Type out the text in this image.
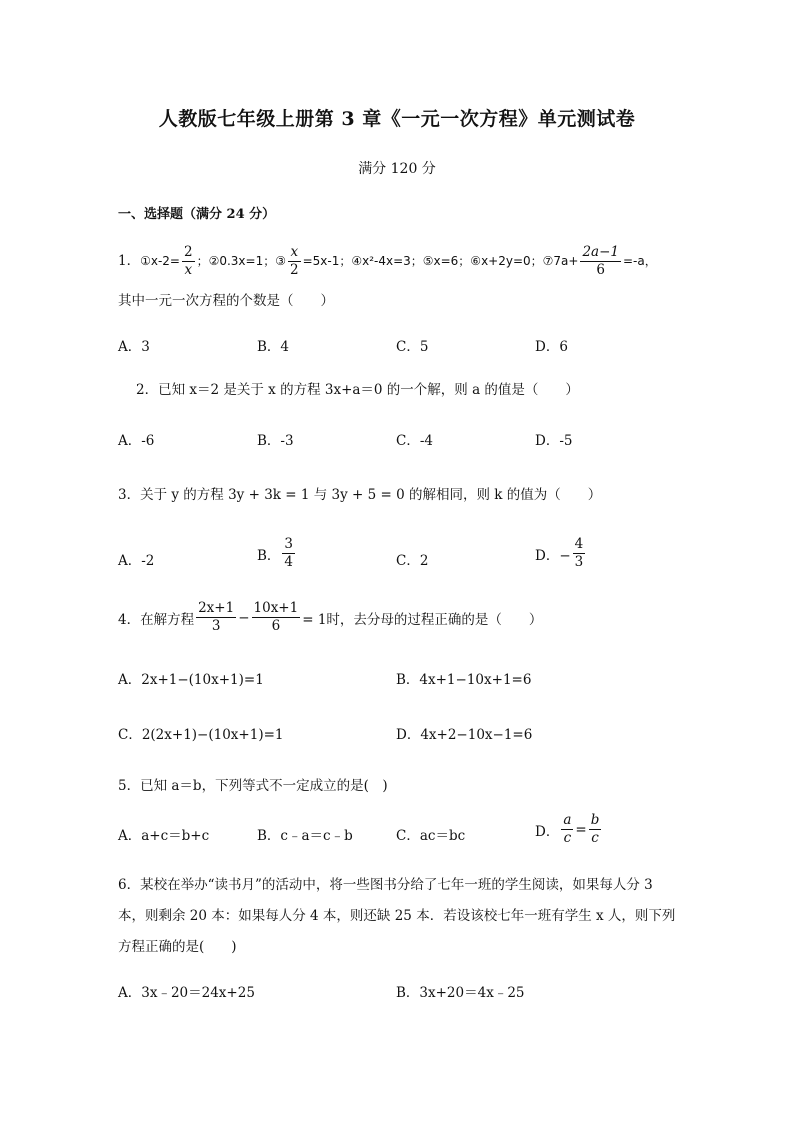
人教版七年级上册第 3 章《一元一次方程》单元测试卷
满分 120 分
一、选择题（满分 24 分）
1．①x-2= $\frac{2}{x}$ ；②0.3x=1；③ $\frac{x}{2} =5x-1$；④x²-4x=3；⑤x=6；⑥x+2y=0；⑦7a+ $\frac{2a-1}{6} =-a$，
其中一元一次方程的个数是（　　）
A．3	B．4	C．5	D．6
2．已知 x＝2 是关于 x 的方程 3x+a＝0 的一个解，则 a 的值是（　　）
A．-6	B．-3	C．-4	D．-5
3．关于 y 的方程 3y + 3k = 1 与 3y + 5 = 0 的解相同，则 k 的值为（　　）
A．-2	B． $\frac{3}{4}$	C．2	D．− $\frac{4}{3}$
4．在解方程 $\frac{2x+1}{3} - \frac{10x+1}{6} = 1$时，去分母的过程正确的是（　　）
A．2x+1−(10x+1)=1	B．4x+1−10x+1=6
C．2(2x+1)−(10x+1)=1	D．4x+2−10x−1=6
5．已知 a＝b，下列等式不一定成立的是(　)
A．a+c＝b+c	B．c﹣a＝c﹣b	C．ac＝bc	D． $\frac{a}{c} = \frac{b}{c}$
6．某校在举办“读书月”的活动中，将一些图书分给了七年一班的学生阅读，如果每人分 3
本，则剩余 20 本：如果每人分 4 本，则还缺 25 本．若设该校七年一班有学生 x 人，则下列
方程正确的是(　　)
A．3x﹣20＝24x+25	B．3x+20＝4x﹣25
